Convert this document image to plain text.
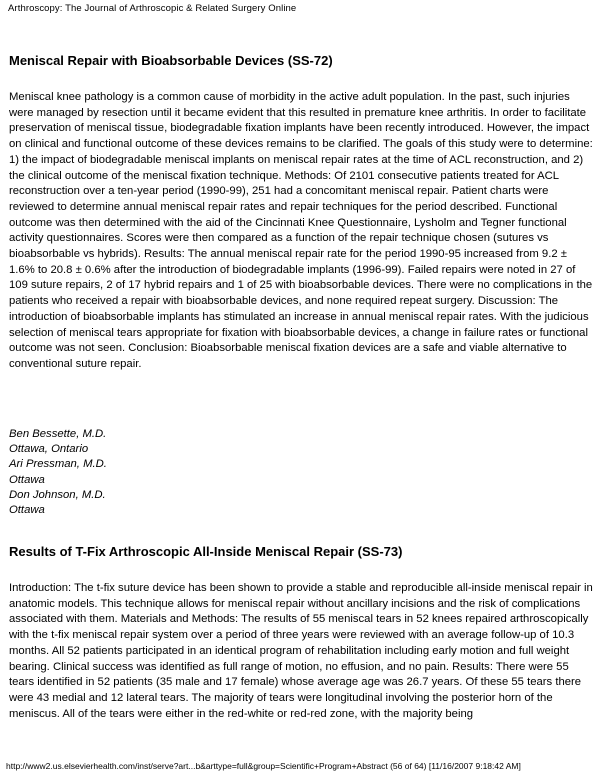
Arthroscopy: The Journal of Arthroscopic & Related Surgery Online
Meniscal Repair with Bioabsorbable Devices (SS-72)

Meniscal knee pathology is a common cause of morbidity in the active adult population. In the past, such injuries were managed by resection until it became evident that this resulted in premature knee arthritis. In order to facilitate preservation of meniscal tissue, biodegradable fixation implants have been recently introduced. However, the impact on clinical and functional outcome of these devices remains to be clarified. The goals of this study were to determine: 1) the impact of biodegradable meniscal implants on meniscal repair rates at the time of ACL reconstruction, and 2) the clinical outcome of the meniscal fixation technique. Methods: Of 2101 consecutive patients treated for ACL reconstruction over a ten-year period (1990-99), 251 had a concomitant meniscal repair. Patient charts were reviewed to determine annual meniscal repair rates and repair techniques for the period described. Functional outcome was then determined with the aid of the Cincinnati Knee Questionnaire, Lysholm and Tegner functional activity questionnaires. Scores were then compared as a function of the repair technique chosen (sutures vs bioabsorbable vs hybrids). Results: The annual meniscal repair rate for the period 1990-95 increased from 9.2 ± 1.6% to 20.8 ± 0.6% after the introduction of biodegradable implants (1996-99). Failed repairs were noted in 27 of 109 suture repairs, 2 of 17 hybrid repairs and 1 of 25 with bioabsorbable devices. There were no complications in the patients who received a repair with bioabsorbable devices, and none required repeat surgery. Discussion: The introduction of bioabsorbable implants has stimulated an increase in annual meniscal repair rates. With the judicious selection of meniscal tears appropriate for fixation with bioabsorbable devices, a change in failure rates or functional outcome was not seen. Conclusion: Bioabsorbable meniscal fixation devices are a safe and viable alternative to conventional suture repair.

Ben Bessette, M.D.
Ottawa, Ontario
Ari Pressman, M.D.
Ottawa
Don Johnson, M.D.
Ottawa
Results of T-Fix Arthroscopic All-Inside Meniscal Repair (SS-73)

Introduction: The t-fix suture device has been shown to provide a stable and reproducible all-inside meniscal repair in anatomic models. This technique allows for meniscal repair without ancillary incisions and the risk of complications associated with them. Materials and Methods: The results of 55 meniscal tears in 52 knees repaired arthroscopically with the t-fix meniscal repair system over a period of three years were reviewed with an average follow-up of 10.3 months. All 52 patients participated in an identical program of rehabilitation including early motion and full weight bearing. Clinical success was identified as full range of motion, no effusion, and no pain. Results: There were 55 tears identified in 52 patients (35 male and 17 female) whose average age was 26.7 years. Of these 55 tears there were 43 medial and 12 lateral tears. The majority of tears were longitudinal involving the posterior horn of the meniscus. All of the tears were either in the red-white or red-red zone, with the majority being

http://www2.us.elsevierhealth.com/inst/serve?art...b&arttype=full&group=Scientific+Program+Abstract (56 of 64) [11/16/2007 9:18:42 AM]
